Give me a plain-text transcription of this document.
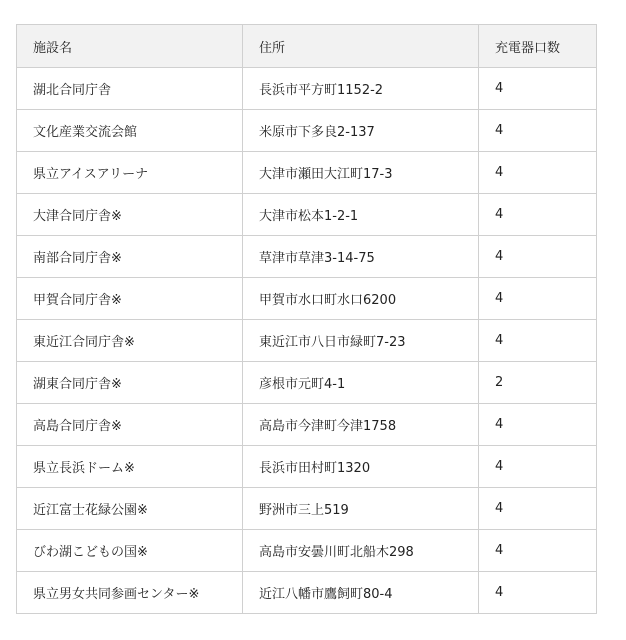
施設名	住所	充電器口数
湖北合同庁舎	長浜市平方町1152-2	4
文化産業交流会館	米原市下多良2-137	4
県立アイスアリーナ	大津市瀬田大江町17-3	4
大津合同庁舎※	大津市松本1-2-1	4
南部合同庁舎※	草津市草津3-14-75	4
甲賀合同庁舎※	甲賀市水口町水口6200	4
東近江合同庁舎※	東近江市八日市緑町7-23	4
湖東合同庁舎※	彦根市元町4-1	2
高島合同庁舎※	高島市今津町今津1758	4
県立長浜ドーム※	長浜市田村町1320	4
近江富士花緑公園※	野洲市三上519	4
びわ湖こどもの国※	高島市安曇川町北船木298	4
県立男女共同参画センター※	近江八幡市鷹飼町80-4	4
